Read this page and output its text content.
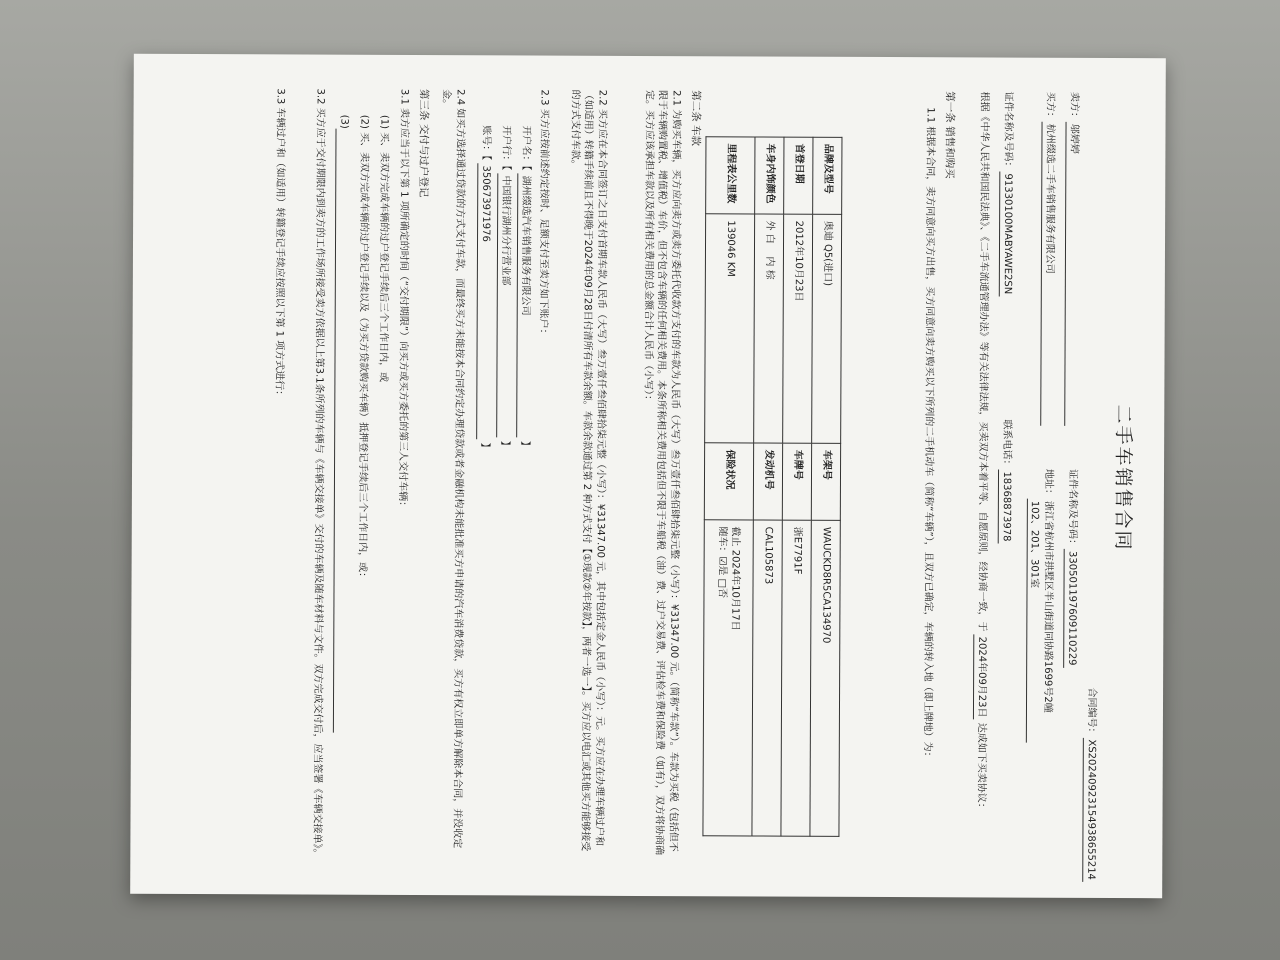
二手车销售合同
合同编号：XS20240923154938655214
卖方：邬婷婷 证件名称及号码：330501197609110229
买方：杭州缀选二手车销售服务有限公司 地址：浙江省杭州市拱墅区半山街道同协路1699号2幢102、201、301室
证件名称及号码：91330100MABYAWE2SN 联系电话：18368873978
根据《中华人民共和国民法典》、《二手车流通管理办法》等有关法律法规，买卖双方本着平等、自愿原则，经协商一致，于 2024年09月23日 达成如下买卖协议：
第一条 销售和购买
1.1 根据本合同，卖方同意向买方出售，买方同意向卖方购买以下所列的二手机动车（简称“车辆”），且双方已确定，车辆的转入地（即上牌地）为：
品牌及型号	奥迪 Q5(进口)	车架号	WAUCKD8R5CA134970
首登日期	2012年10月23日	车牌号	浙E7791F
车身内饰颜色	外 白    内 棕	发动机号	CAL105873
里程表公里数	139046 KM	保险状况	截止 2024年10月17日
随车：☑是 □否
第二条 车款
2.1 为购买车辆，买方应向卖方或卖方委托代收款方支付的车款为人民币（大写）叁万壹仟叁佰肆拾柒元整（小写）：¥31347.00 元。（简称“车款”）。车款为买税（包括但不限于车辆购置税、增值税）车价，但不包含车辆的任何相关费用。本条所称相关费用包括但不限于车船税（油）费、过户交易费、评估检车费和保险费（如有），双方将协商确定。买方应该承担车款以及所有相关费用的总金额合计人民币（小写）：
2.2 买方应在本合同签订之日支付首期车款人民币（大写）叁万壹仟叁佰肆拾柒元整（小写）：¥31347.00 元，其中包括定金人民币（小写）：元。买方应在办理车辆过户和（如适用）转籍手续前且不得晚于2024年09月28日付清所有车款余额。车款余款通过第 2 种方式支付【①现款②年按款】，两者一选一】。买方应以电汇或其他买方能够接受的方式支付车款。
2.3 买方应按前述约定按时、足额支付至卖方如下账户：
开户名：【 湖州缀选汽车销售服务有限公司 】
开户行：【 中国银行湖州分行营业部 】
账号：【 350673971976 】
2.4 如买方选择通过贷款的方式支付车款，而最终买方未能按本合同约定办理贷款或者金融机构未能批准买方申请的汽车消费贷款，买方有权立即单方解除本合同，并没收定金。
第三条 交付与过户登记
3.1 卖方应当于以下第 1 项所确定的时间（“交付期限”）向买方或买方委托的第三人交付车辆：
(1) 买、卖双方完成车辆的过户登记手续后三个工作日内，或
(2) 买、卖双方完成车辆的过户登记手续以及（为买方贷款购买车辆）抵押登记手续后三个工作日内，或：
(3)
3.2 买方应于交付期限内到卖方的工作场所接受卖方依据以上第3.1条所列的车辆与《车辆交接单》交付的车辆及随车材料与文件。双方完成交付后，应当签署《车辆交接单》。
3.3 车辆过户和（如适用）转籍登记手续应按照以下第 1 项方式进行：
